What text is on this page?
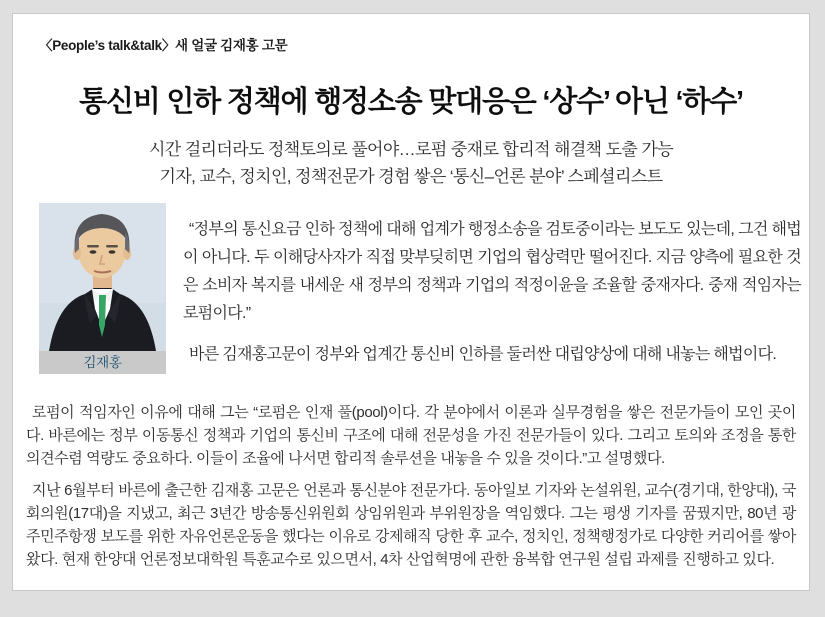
〈People’s talk&talk〉새 얼굴 김재홍 고문
통신비 인하 정책에 행정소송 맞대응은 ‘상수’ 아닌 ‘하수’
시간 걸리더라도 정책토의로 풀어야…로펌 중재로 합리적 해결책 도출 가능
기자, 교수, 정치인, 정책전문가 경험 쌓은 ‘통신–언론 분야’ 스페셜리스트
김재홍

“정부의 통신요금 인하 정책에 대해 업계가 행정소송을 검토중이라는 보도도 있는데, 그건 해법이 아니다. 두 이해당사자가 직접 맞부딪히면 기업의 협상력만 떨어진다. 지금 양측에 필요한 것은 소비자 복지를 내세운 새 정부의 정책과 기업의 적정이윤을 조율할 중재자다. 중재 적임자는 로펌이다.”

바른 김재홍고문이 정부와 업계간 통신비 인하를 둘러싼 대립양상에 대해 내놓는 해법이다.

로펌이 적임자인 이유에 대해 그는 “로펌은 인재 풀(pool)이다. 각 분야에서 이론과 실무경험을 쌓은 전문가들이 모인 곳이다. 바른에는 정부 이동통신 정책과 기업의 통신비 구조에 대해 전문성을 가진 전문가들이 있다. 그리고 토의와 조정을 통한 의견수렴 역량도 중요하다. 이들이 조율에 나서면 합리적 솔루션을 내놓을 수 있을 것이다.”고 설명했다.

지난 6월부터 바른에 출근한 김재홍 고문은 언론과 통신분야 전문가다. 동아일보 기자와 논설위원, 교수(경기대, 한양대), 국회의원(17대)을 지냈고, 최근 3년간 방송통신위원회 상임위원과 부위원장을 역임했다. 그는 평생 기자를 꿈꿨지만, 80년 광주민주항쟁 보도를 위한 자유언론운동을 했다는 이유로 강제해직 당한 후 교수, 정치인, 정책행정가로 다양한 커리어를 쌓아왔다. 현재 한양대 언론정보대학원 특훈교수로 있으면서, 4차 산업혁명에 관한 융복합 연구원 설립 과제를 진행하고 있다.
